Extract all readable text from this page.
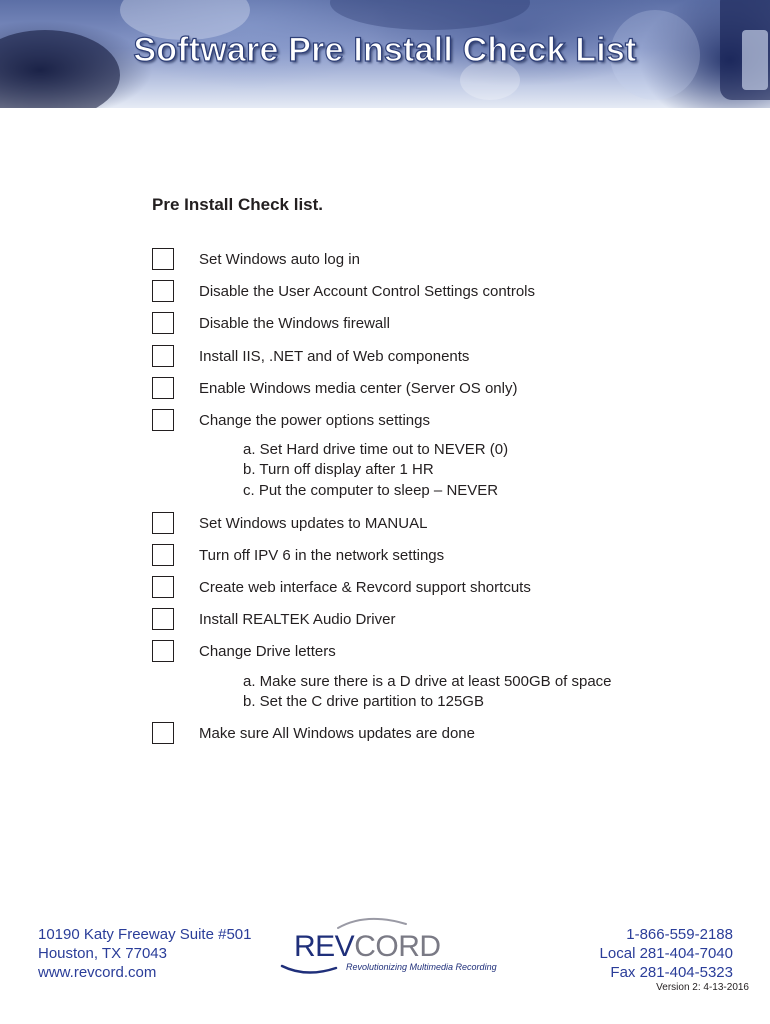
Software Pre Install Check List
Pre Install Check list.
Set Windows auto log in
Disable the User Account Control Settings controls
Disable the Windows firewall
Install IIS, .NET and of Web components
Enable Windows media center (Server OS only)
Change the power options settings
a. Set Hard drive time out to NEVER (0)
b. Turn off display after 1 HR
c. Put the computer to sleep – NEVER
Set Windows updates to MANUAL
Turn off IPV 6 in the network settings
Create web interface & Revcord support shortcuts
Install REALTEK Audio Driver
Change Drive letters
a. Make sure there is a D drive at least 500GB of space
b. Set the C drive partition to 125GB
Make sure All Windows updates are done
10190 Katy Freeway Suite #501
Houston, TX 77043
www.revcord.com
REVCORD
Revolutionizing Multimedia Recording
1-866-559-2188
Local 281-404-7040
Fax 281-404-5323
Version 2: 4-13-2016
